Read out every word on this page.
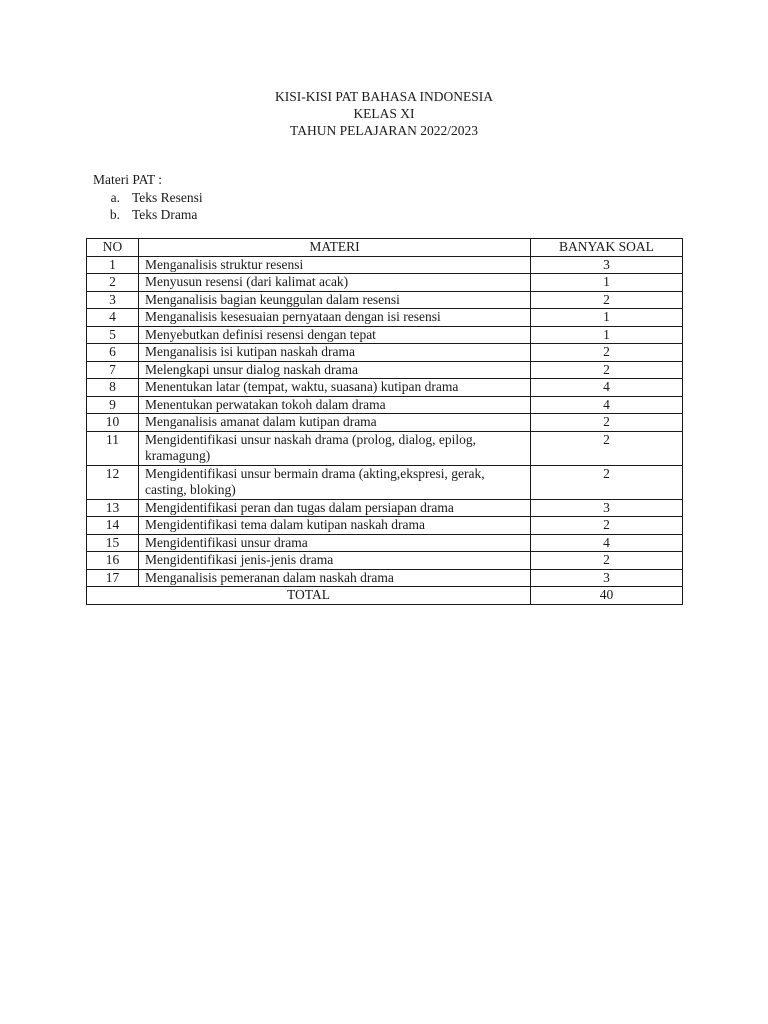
KISI-KISI PAT BAHASA INDONESIA
KELAS XI
TAHUN PELAJARAN 2022/2023
Materi PAT :
a. Teks Resensi
b. Teks Drama
NO	MATERI	BANYAK SOAL
1	Menganalisis struktur resensi	3
2	Menyusun resensi (dari kalimat acak)	1
3	Menganalisis bagian keunggulan dalam resensi	2
4	Menganalisis kesesuaian pernyataan dengan isi resensi	1
5	Menyebutkan definisi resensi dengan tepat	1
6	Menganalisis isi kutipan naskah drama	2
7	Melengkapi unsur dialog naskah drama	2
8	Menentukan latar (tempat, waktu, suasana) kutipan drama	4
9	Menentukan perwatakan tokoh dalam drama	4
10	Menganalisis amanat dalam kutipan drama	2
11	Mengidentifikasi unsur naskah drama (prolog, dialog, epilog, kramagung)	2
12	Mengidentifikasi unsur bermain drama (akting,ekspresi, gerak, casting, bloking)	2
13	Mengidentifikasi peran dan tugas dalam persiapan drama	3
14	Mengidentifikasi tema dalam kutipan naskah drama	2
15	Mengidentifikasi unsur drama	4
16	Mengidentifikasi jenis-jenis drama	2
17	Menganalisis pemeranan dalam naskah drama	3
TOTAL		40
